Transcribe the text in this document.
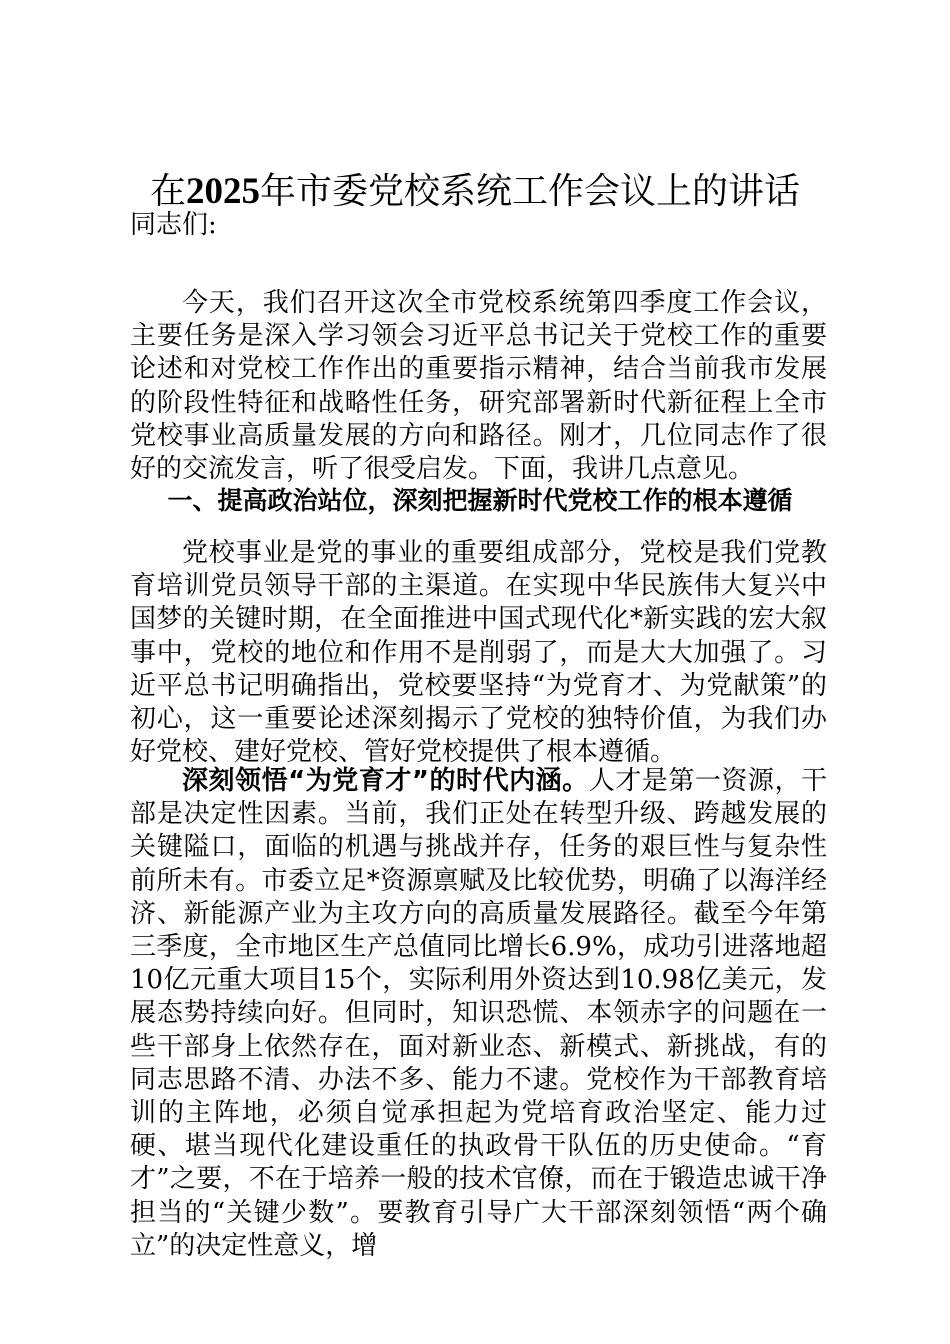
在2025年市委党校系统工作会议上的讲话
同志们:

今天，我们召开这次全市党校系统第四季度工作会议，主要任务是深入学习领会习近平总书记关于党校工作的重要论述和对党校工作作出的重要指示精神，结合当前我市发展的阶段性特征和战略性任务，研究部署新时代新征程上全市党校事业高质量发展的方向和路径。刚才，几位同志作了很好的交流发言，听了很受启发。下面，我讲几点意见。

一、提高政治站位，深刻把握新时代党校工作的根本遵循

党校事业是党的事业的重要组成部分，党校是我们党教育培训党员领导干部的主渠道。在实现中华民族伟大复兴中国梦的关键时期，在全面推进中国式现代化*新实践的宏大叙事中，党校的地位和作用不是削弱了，而是大大加强了。习近平总书记明确指出，党校要坚持“为党育才、为党献策”的初心，这一重要论述深刻揭示了党校的独特价值，为我们办好党校、建好党校、管好党校提供了根本遵循。

深刻领悟“为党育才”的时代内涵。人才是第一资源，干部是决定性因素。当前，我们正处在转型升级、跨越发展的关键隘口，面临的机遇与挑战并存，任务的艰巨性与复杂性前所未有。市委立足*资源禀赋及比较优势，明确了以海洋经济、新能源产业为主攻方向的高质量发展路径。截至今年第三季度，全市地区生产总值同比增长6.9%，成功引进落地超10亿元重大项目15个，实际利用外资达到10.98亿美元，发展态势持续向好。但同时，知识恐慌、本领赤字的问题在一些干部身上依然存在，面对新业态、新模式、新挑战，有的同志思路不清、办法不多、能力不逮。党校作为干部教育培训的主阵地，必须自觉承担起为党培育政治坚定、能力过硬、堪当现代化建设重任的执政骨干队伍的历史使命。“育才”之要，不在于培养一般的技术官僚，而在于锻造忠诚干净担当的“关键少数”。要教育引导广大干部深刻领悟“两个确立”的决定性意义，增
